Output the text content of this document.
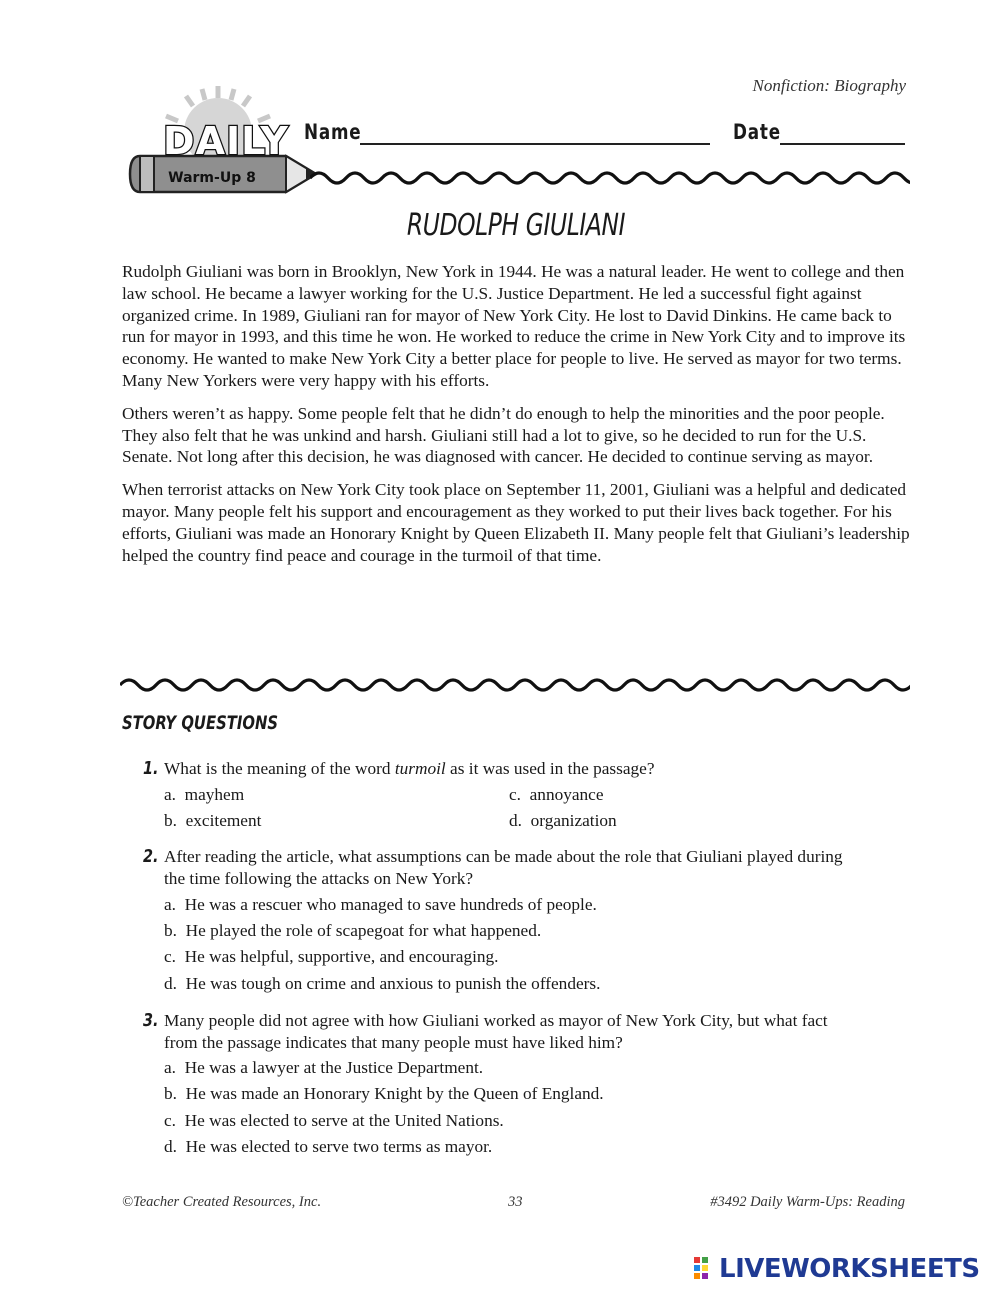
Nonfiction: Biography
DAILY
Warm-Up 8
Name	Date
RUDOLPH GIULIANI

Rudolph Giuliani was born in Brooklyn, New York in 1944. He was a natural leader. He went to college and then law school. He became a lawyer working for the U.S. Justice Department. He led a successful fight against organized crime. In 1989, Giuliani ran for mayor of New York City. He lost to David Dinkins. He came back to run for mayor in 1993, and this time he won. He worked to reduce the crime in New York City and to improve its economy. He wanted to make New York City a better place for people to live. He served as mayor for two terms. Many New Yorkers were very happy with his efforts.

Others weren’t as happy. Some people felt that he didn’t do enough to help the minorities and the poor people. They also felt that he was unkind and harsh. Giuliani still had a lot to give, so he decided to run for the U.S. Senate. Not long after this decision, he was diagnosed with cancer. He decided to continue serving as mayor.

When terrorist attacks on New York City took place on September 11, 2001, Giuliani was a helpful and dedicated mayor. Many people felt his support and encouragement as they worked to put their lives back together. For his efforts, Giuliani was made an Honorary Knight by Queen Elizabeth II. Many people felt that Giuliani’s leadership helped the country find peace and courage in the turmoil of that time.

STORY QUESTIONS
1. What is the meaning of the word turmoil as it was used in the passage?
a. mayhem
b. excitement
c. annoyance
d. organization
2. After reading the article, what assumptions can be made about the role that Giuliani played during
the time following the attacks on New York?
a. He was a rescuer who managed to save hundreds of people.
b. He played the role of scapegoat for what happened.
c. He was helpful, supportive, and encouraging.
d. He was tough on crime and anxious to punish the offenders.
3. Many people did not agree with how Giuliani worked as mayor of New York City, but what fact
from the passage indicates that many people must have liked him?
a. He was a lawyer at the Justice Department.
b. He was made an Honorary Knight by the Queen of England.
c. He was elected to serve at the United Nations.
d. He was elected to serve two terms as mayor.
©Teacher Created Resources, Inc.	33	#3492 Daily Warm-Ups: Reading
LIVEWORKSHEETS
